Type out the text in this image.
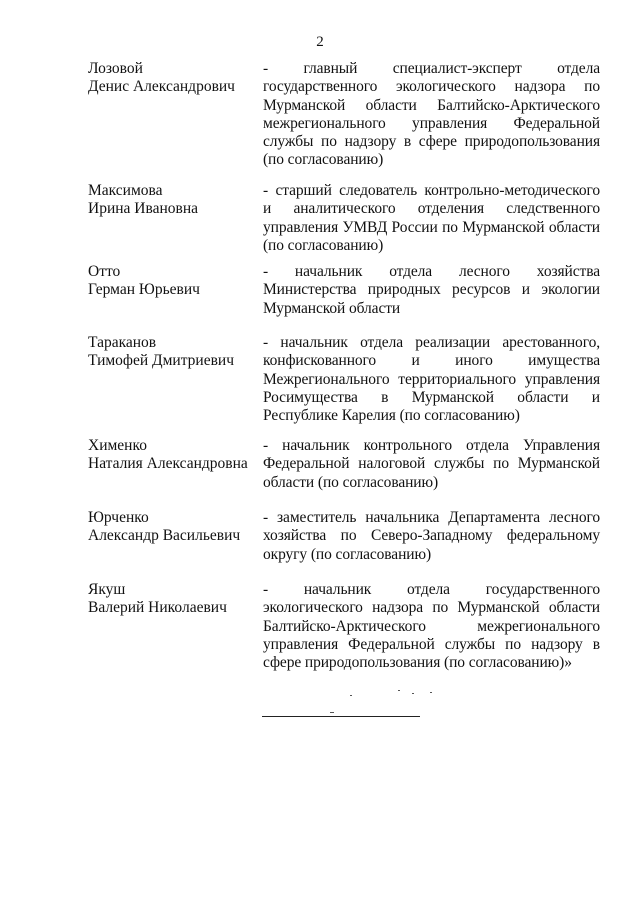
2
Лозовой
Денис Александрович
- главный специалист-эксперт отдела государственного экологического надзора по Мурманской области Балтийско-Арктического межрегионального управления Федеральной службы по надзору в сфере природопользования (по согласованию)
Максимова
Ирина Ивановна
- старший следователь контрольно-методического и аналитического отделения следственного управления УМВД России по Мурманской области (по согласованию)
Отто
Герман Юрьевич
- начальник отдела лесного хозяйства Министерства природных ресурсов и экологии Мурманской области
Тараканов
Тимофей Дмитриевич
- начальник отдела реализации арестованного, конфискованного и иного имущества Межрегионального территориального управления Росимущества в Мурманской области и Республике Карелия (по согласованию)
Хименко
Наталия Александровна
- начальник контрольного отдела Управления Федеральной налоговой службы по Мурманской области (по согласованию)
Юрченко
Александр Васильевич
- заместитель начальника Департамента лесного хозяйства по Северо-Западному федеральному округу (по согласованию)
Якуш
Валерий Николаевич
- начальник отдела государственного экологического надзора по Мурманской области Балтийско-Арктического межрегионального управления Федеральной службы по надзору в сфере природопользования (по согласованию)»
